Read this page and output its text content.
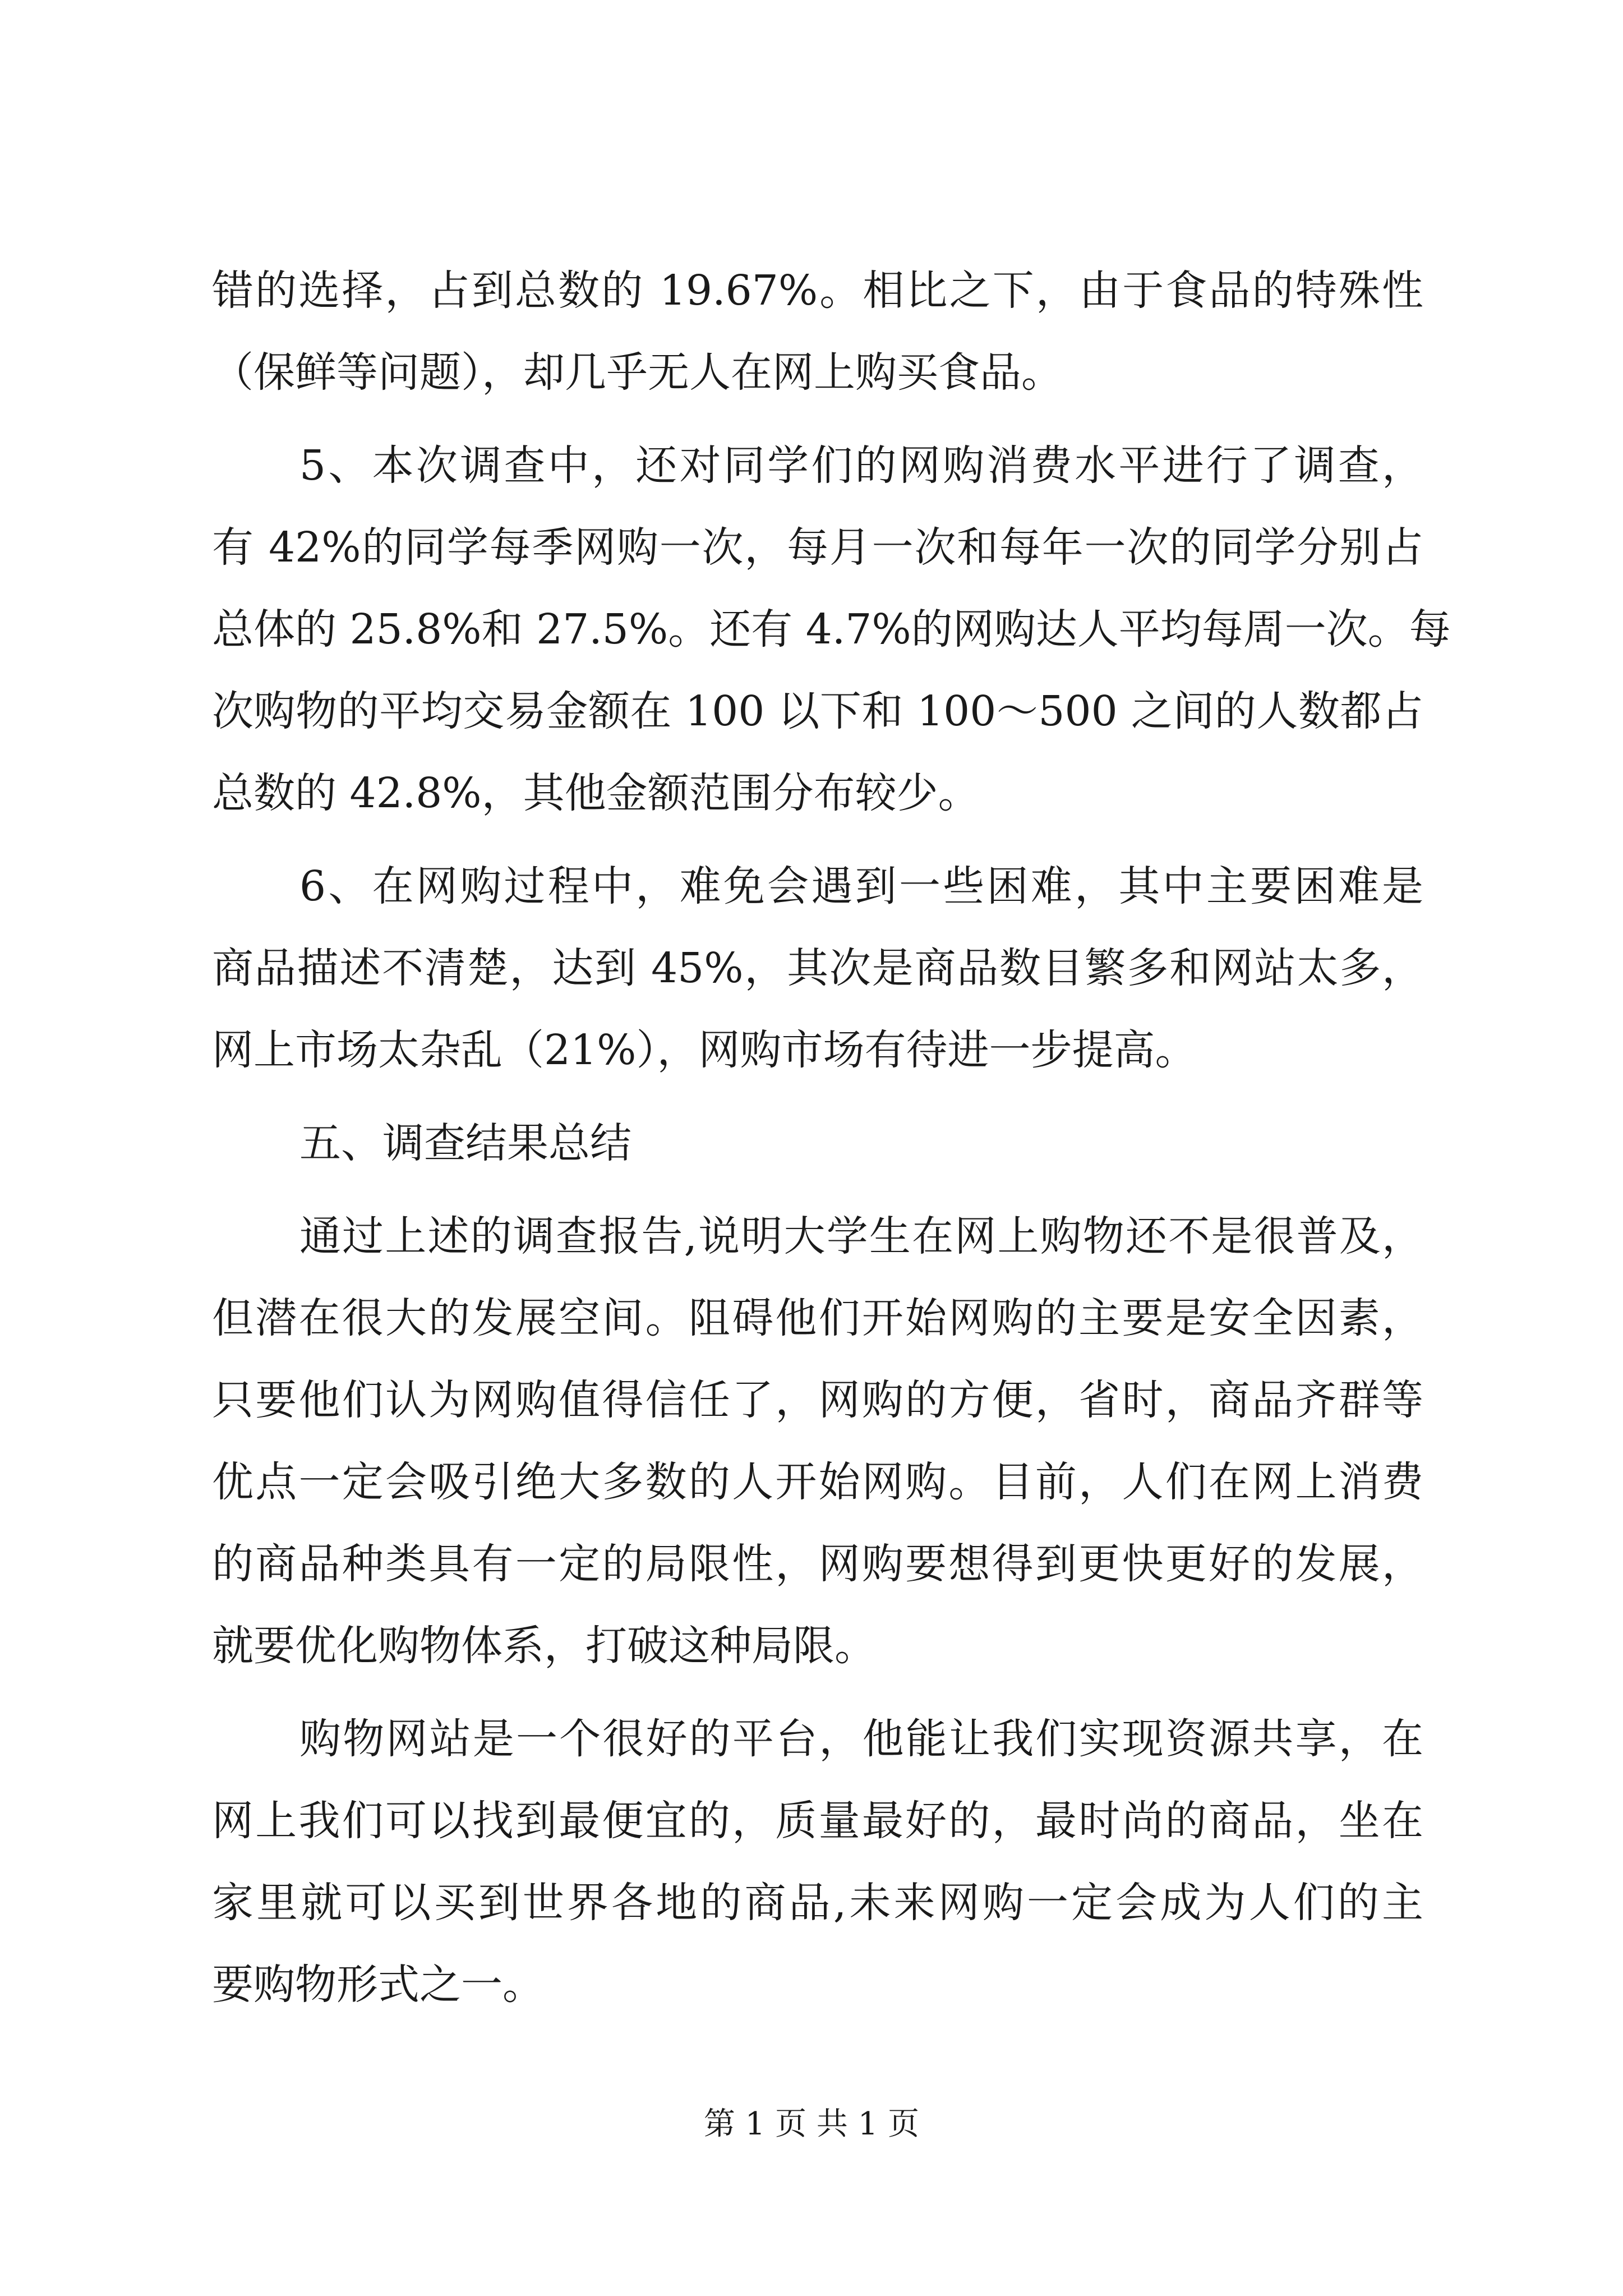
错的选择，占到总数的 19.67%。相比之下，由于食品的特殊性
（保鲜等问题），却几乎无人在网上购买食品。
5、本次调查中，还对同学们的网购消费水平进行了调查，
有 42%的同学每季网购一次，每月一次和每年一次的同学分别占
总体的 25.8%和 27.5%。还有 4.7%的网购达人平均每周一次。每
次购物的平均交易金额在 100 以下和 100～500 之间的人数都占
总数的 42.8%，其他金额范围分布较少。
6、在网购过程中，难免会遇到一些困难，其中主要困难是
商品描述不清楚，达到 45%，其次是商品数目繁多和网站太多，
网上市场太杂乱（21%），网购市场有待进一步提高。
五、调查结果总结
通过上述的调查报告,说明大学生在网上购物还不是很普及，
但潜在很大的发展空间。阻碍他们开始网购的主要是安全因素，
只要他们认为网购值得信任了，网购的方便，省时，商品齐群等
优点一定会吸引绝大多数的人开始网购。目前，人们在网上消费
的商品种类具有一定的局限性，网购要想得到更快更好的发展，
就要优化购物体系，打破这种局限。
购物网站是一个很好的平台，他能让我们实现资源共享，在
网上我们可以找到最便宜的，质量最好的，最时尚的商品，坐在
家里就可以买到世界各地的商品,未来网购一定会成为人们的主
要购物形式之一。
第 1 页 共 1 页
